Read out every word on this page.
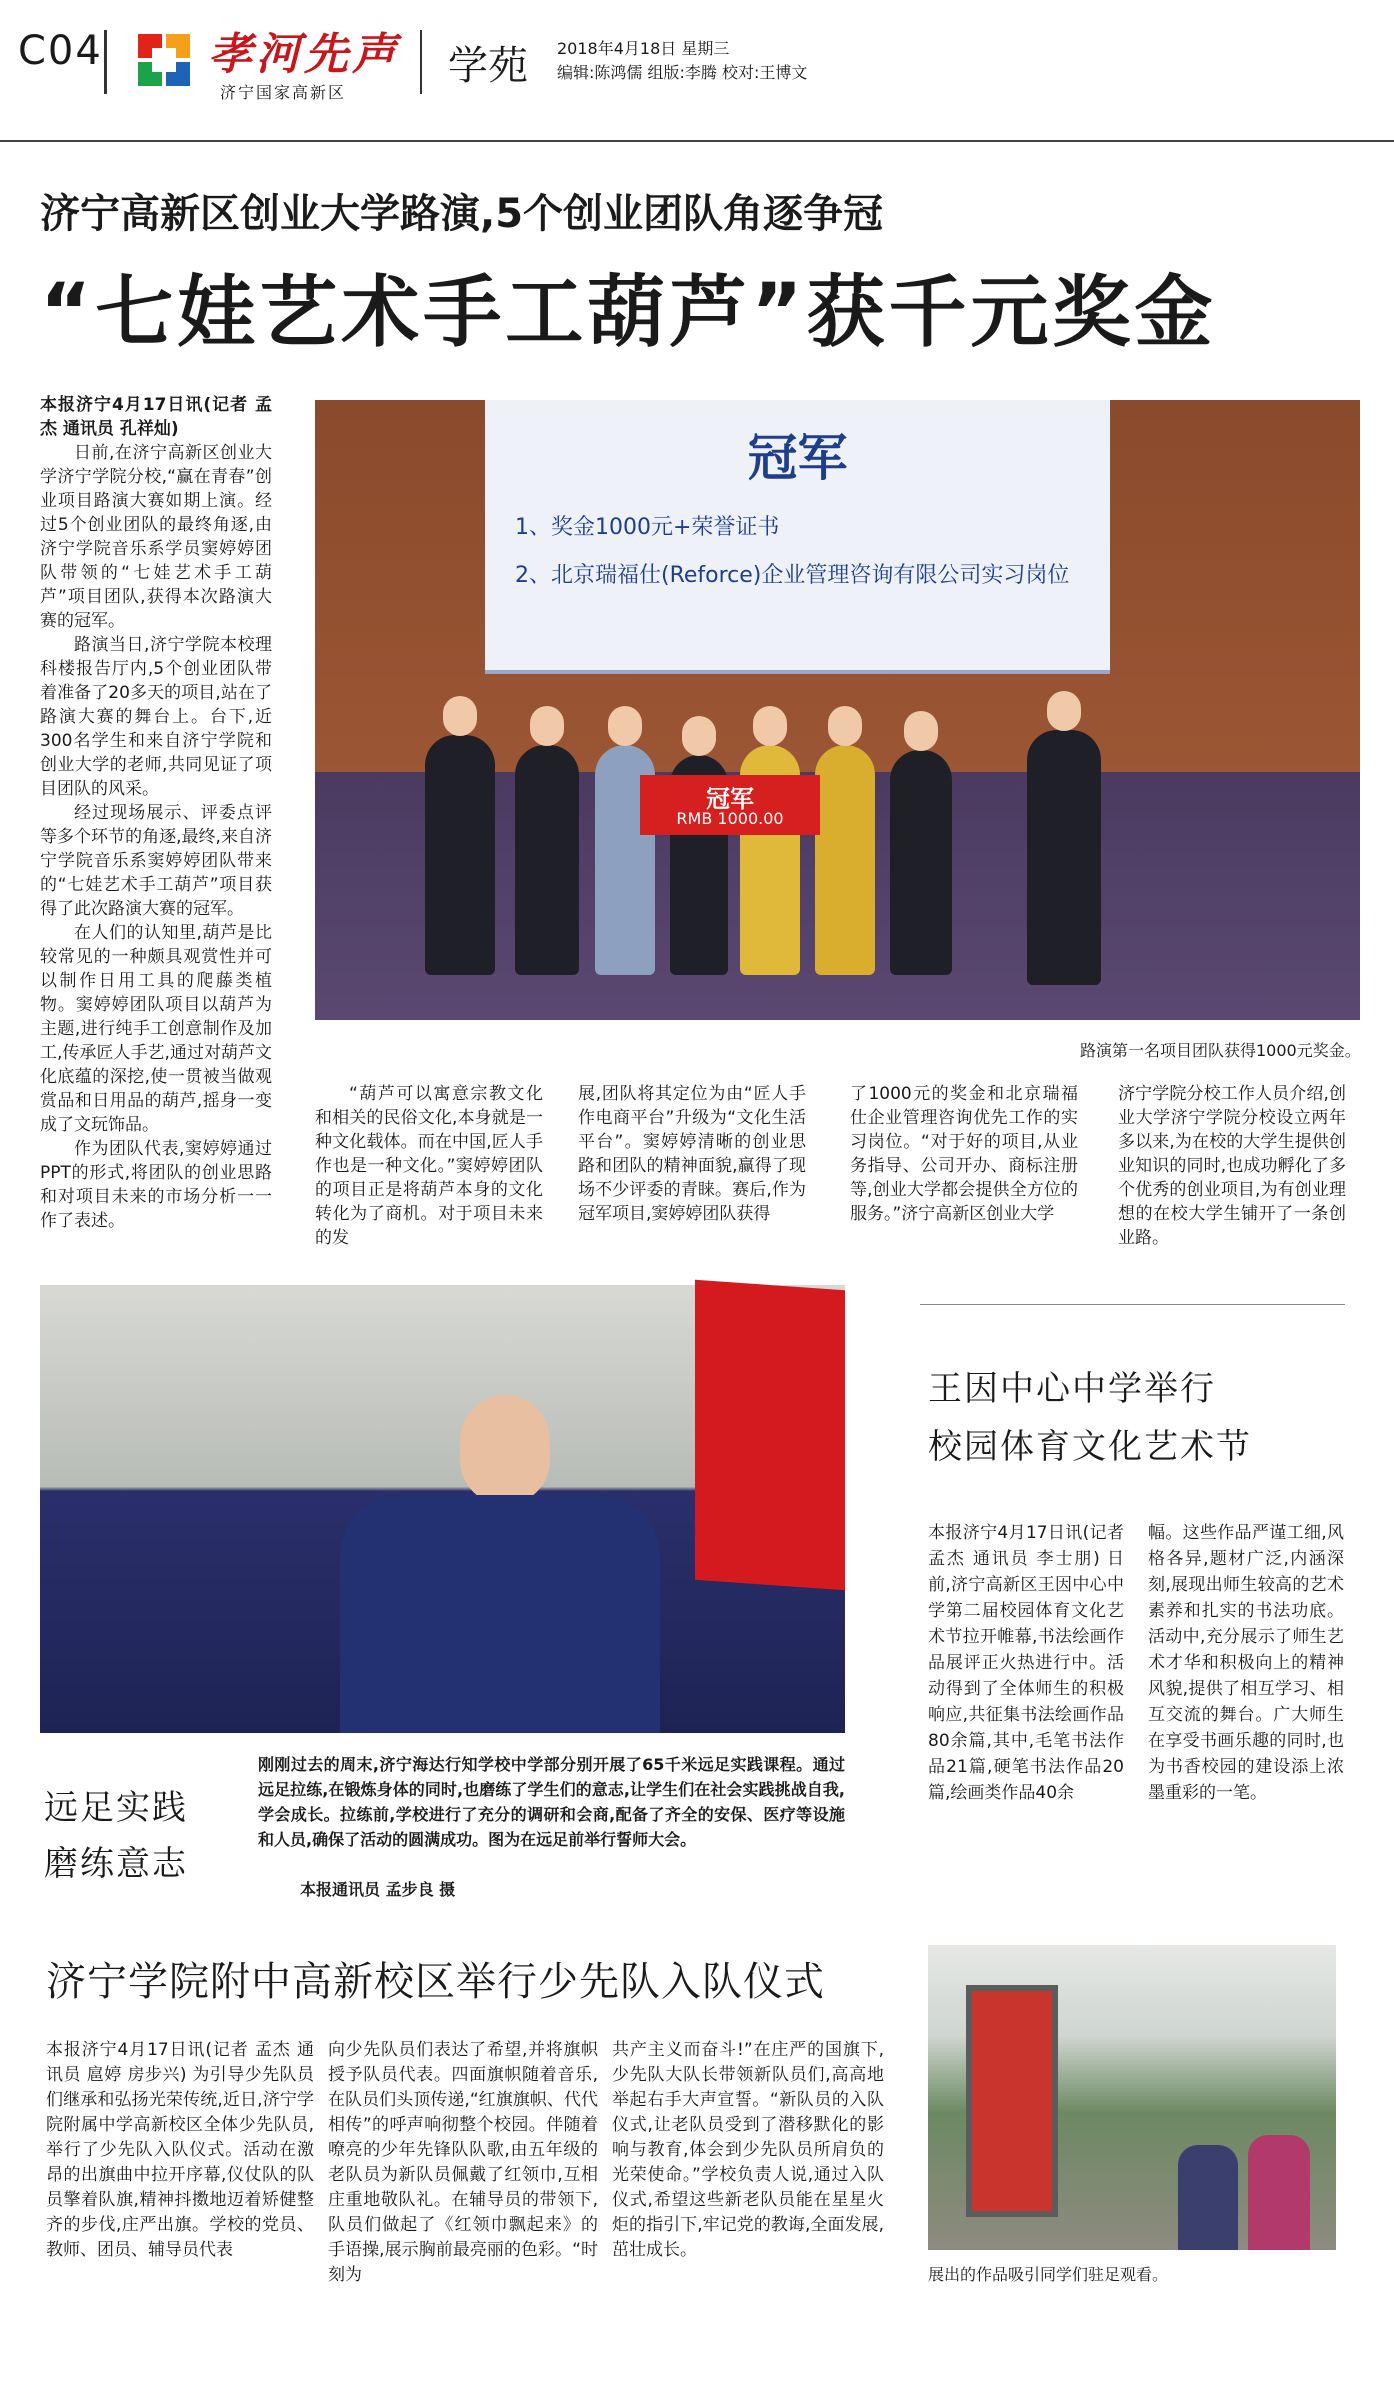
C04 孝河先声
济宁国家高新区
学苑 2018年4月18日 星期三
编辑:陈鸿儒 组版:李腾 校对:王博文
济宁高新区创业大学路演,5个创业团队角逐争冠
“七娃艺术手工葫芦”获千元奖金

本报济宁4月17日讯(记者 孟杰 通讯员 孔祥灿)

日前,在济宁高新区创业大学济宁学院分校,“赢在青春”创业项目路演大赛如期上演。经过5个创业团队的最终角逐,由济宁学院音乐系学员窦婷婷团队带领的“七娃艺术手工葫芦”项目团队,获得本次路演大赛的冠军。

路演当日,济宁学院本校理科楼报告厅内,5个创业团队带着准备了20多天的项目,站在了路演大赛的舞台上。台下,近300名学生和来自济宁学院和创业大学的老师,共同见证了项目团队的风采。

经过现场展示、评委点评等多个环节的角逐,最终,来自济宁学院音乐系窦婷婷团队带来的“七娃艺术手工葫芦”项目获得了此次路演大赛的冠军。

在人们的认知里,葫芦是比较常见的一种颇具观赏性并可以制作日用工具的爬藤类植物。窦婷婷团队项目以葫芦为主题,进行纯手工创意制作及加工,传承匠人手艺,通过对葫芦文化底蕴的深挖,使一贯被当做观赏品和日用品的葫芦,摇身一变成了文玩饰品。

作为团队代表,窦婷婷通过PPT的形式,将团队的创业思路和对项目未来的市场分析一一作了表述。

冠军
1、奖金1000元+荣誉证书
2、北京瑞福仕(Reforce)企业管理咨询有限公司实习岗位
冠军
RMB 1000.00
路演第一名项目团队获得1000元奖金。
“葫芦可以寓意宗教文化和相关的民俗文化,本身就是一种文化载体。而在中国,匠人手作也是一种文化。”窦婷婷团队的项目正是将葫芦本身的文化转化为了商机。对于项目未来的发
展,团队将其定位为由“匠人手作电商平台”升级为“文化生活平台”。窦婷婷清晰的创业思路和团队的精神面貌,赢得了现场不少评委的青睐。赛后,作为冠军项目,窦婷婷团队获得
了1000元的奖金和北京瑞福仕企业管理咨询优先工作的实习岗位。“对于好的项目,从业务指导、公司开办、商标注册等,创业大学都会提供全方位的服务。”济宁高新区创业大学
济宁学院分校工作人员介绍,创业大学济宁学院分校设立两年多以来,为在校的大学生提供创业知识的同时,也成功孵化了多个优秀的创业项目,为有创业理想的在校大学生铺开了一条创业路。
远足实践
磨练意志
刚刚过去的周末,济宁海达行知学校中学部分别开展了65千米远足实践课程。通过远足拉练,在锻炼身体的同时,也磨练了学生们的意志,让学生们在社会实践挑战自我,学会成长。拉练前,学校进行了充分的调研和会商,配备了齐全的安保、医疗等设施和人员,确保了活动的圆满成功。图为在远足前举行誓师大会。
本报通讯员 孟步良 摄
王因中心中学举行
校园体育文化艺术节
本报济宁4月17日讯(记者 孟杰 通讯员 李士朋) 日前,济宁高新区王因中心中学第二届校园体育文化艺术节拉开帷幕,书法绘画作品展评正火热进行中。活动得到了全体师生的积极响应,共征集书法绘画作品80余篇,其中,毛笔书法作品21篇,硬笔书法作品20篇,绘画类作品40余
幅。这些作品严谨工细,风格各异,题材广泛,内涵深刻,展现出师生较高的艺术素养和扎实的书法功底。活动中,充分展示了师生艺术才华和积极向上的精神风貌,提供了相互学习、相互交流的舞台。广大师生在享受书画乐趣的同时,也为书香校园的建设添上浓墨重彩的一笔。
展出的作品吸引同学们驻足观看。
济宁学院附中高新校区举行少先队入队仪式
本报济宁4月17日讯(记者 孟杰 通讯员 扈婷 房步兴) 为引导少先队员们继承和弘扬光荣传统,近日,济宁学院附属中学高新校区全体少先队员,举行了少先队入队仪式。活动在激昂的出旗曲中拉开序幕,仪仗队的队员擎着队旗,精神抖擞地迈着矫健整齐的步伐,庄严出旗。学校的党员、教师、团员、辅导员代表
向少先队员们表达了希望,并将旗帜授予队员代表。四面旗帜随着音乐,在队员们头顶传递,“红旗旗帜、代代相传”的呼声响彻整个校园。伴随着嘹亮的少年先锋队队歌,由五年级的老队员为新队员佩戴了红领巾,互相庄重地敬队礼。在辅导员的带领下,队员们做起了《红领巾飘起来》的手语操,展示胸前最亮丽的色彩。“时刻为
共产主义而奋斗!”在庄严的国旗下,少先队大队长带领新队员们,高高地举起右手大声宣誓。“新队员的入队仪式,让老队员受到了潜移默化的影响与教育,体会到少先队员所肩负的光荣使命。”学校负责人说,通过入队仪式,希望这些新老队员能在星星火炬的指引下,牢记党的教诲,全面发展,茁壮成长。
